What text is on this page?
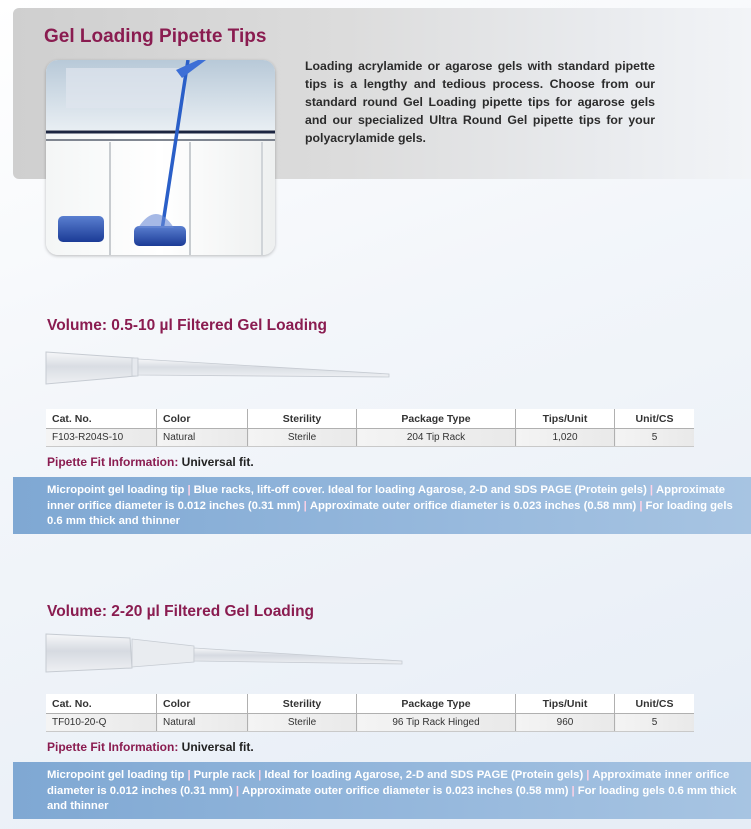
Gel Loading Pipette Tips

Loading acrylamide or agarose gels with standard pipette tips is a lengthy and tedious process. Choose from our standard round Gel Loading pipette tips for agarose gels and our specialized Ultra Round Gel pipette tips for your polyacrylamide gels.

Volume: 0.5-10 µl Filtered Gel Loading
Cat. No.	Color	Sterility	Package Type	Tips/Unit	Unit/CS
F103-R204S-10	Natural	Sterile	204 Tip Rack	1,020	5

Pipette Fit Information: Universal fit.

Micropoint gel loading tip | Blue racks, lift-off cover. Ideal for loading Agarose, 2-D and SDS PAGE (Protein gels) | Approximate inner orifice diameter is 0.012 inches (0.31 mm) | Approximate outer orifice diameter is 0.023 inches (0.58 mm) | For loading gels 0.6 mm thick and thinner
Volume: 2-20 µl Filtered Gel Loading
Cat. No.	Color	Sterility	Package Type	Tips/Unit	Unit/CS
TF010-20-Q	Natural	Sterile	96 Tip Rack Hinged	960	5

Pipette Fit Information: Universal fit.

Micropoint gel loading tip | Purple rack | Ideal for loading Agarose, 2-D and SDS PAGE (Protein gels) | Approximate inner orifice diameter is 0.012 inches (0.31 mm) | Approximate outer orifice diameter is 0.023 inches (0.58 mm) | For loading gels 0.6 mm thick and thinner
